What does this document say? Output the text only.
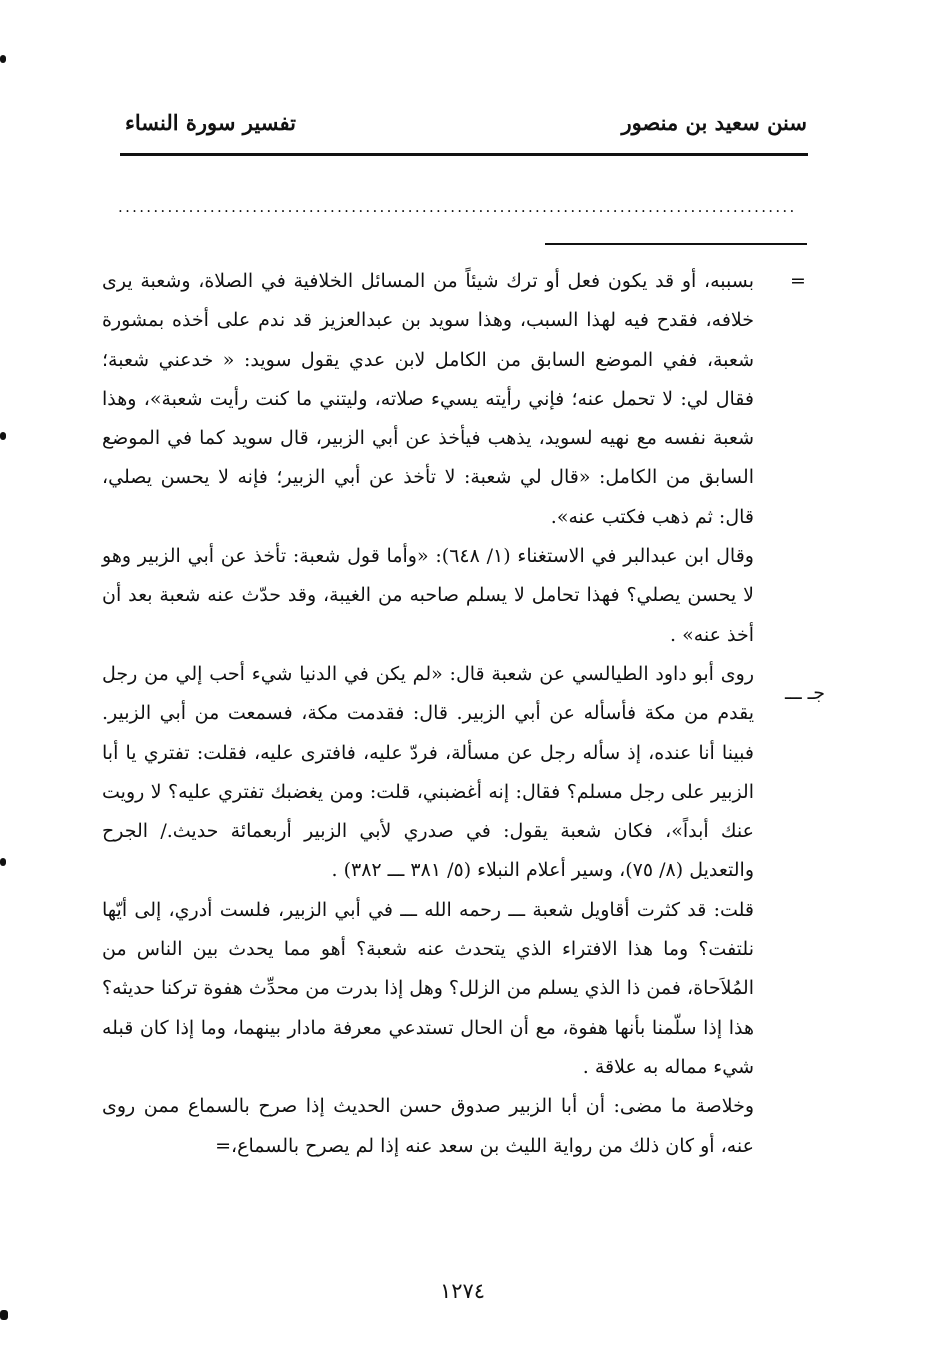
سنن سعيد بن منصور
تفسير سورة النساء
................................................................................................
=
جـ ـــ

بسببه، أو قد يكون فعل أو ترك شيئاً من المسائل الخلافية في الصلاة، وشعبة يرى خلافه، فقدح فيه لهذا السبب، وهذا سويد بن عبدالعزيز قد ندم على أخذه بمشورة شعبة، ففي الموضع السابق من الكامل لابن عدي يقول سويد: « خدعني شعبة؛ فقال لي: لا تحمل عنه؛ فإني رأيته يسيء صلاته، وليتني ما كنت رأيت شعبة»، وهذا شعبة نفسه مع نهيه لسويد، يذهب فيأخذ عن أبي الزبير، قال سويد كما في الموضع السابق من الكامل: «قال لي شعبة: لا تأخذ عن أبي الزبير؛ فإنه لا يحسن يصلي، قال: ثم ذهب فكتب عنه».

وقال ابن عبدالبر في الاستغناء (١/ ٦٤٨): «وأما قول شعبة: تأخذ عن أبي الزبير وهو لا يحسن يصلي؟ فهذا تحامل لا يسلم صاحبه من الغيبة، وقد حدّث عنه شعبة بعد أن أخذ عنه» .

روى أبو داود الطيالسي عن شعبة قال: «لم يكن في الدنيا شيء أحب إلي من رجل يقدم من مكة فأسأله عن أبي الزبير. قال: فقدمت مكة، فسمعت من أبي الزبير. فبينا أنا عنده، إذ سأله رجل عن مسألة، فردّ عليه، فافترى عليه، فقلت: تفتري يا أبا الزبير على رجل مسلم؟ فقال: إنه أغضبني، قلت: ومن يغضبك تفتري عليه؟ لا رويت عنك أبداً»، فكان شعبة يقول: في صدري لأبي الزبير أربعمائة حديث./ الجرح والتعديل (٨/ ٧٥)، وسير أعلام النبلاء (٥/ ٣٨١ ـــ ٣٨٢) .

قلت: قد كثرت أقاويل شعبة ـــ رحمه الله ـــ في أبي الزبير، فلست أدري، إلى أيّها نلتفت؟ وما هذا الافتراء الذي يتحدث عنه شعبة؟ أهو مما يحدث بين الناس من المُلاَحاة، فمن ذا الذي يسلم من الزلل؟ وهل إذا بدرت من محدِّث هفوة تركنا حديثه؟ هذا إذا سلّمنا بأنها هفوة، مع أن الحال تستدعي معرفة مادار بينهما، وما إذا كان قبله شيء مماله به علاقة .

وخلاصة ما مضى: أن أبا الزبير صدوق حسن الحديث إذا صرح بالسماع ممن روى عنه، أو كان ذلك من رواية الليث بن سعد عنه إذا لم يصرح بالسماع،=

١٢٧٤
